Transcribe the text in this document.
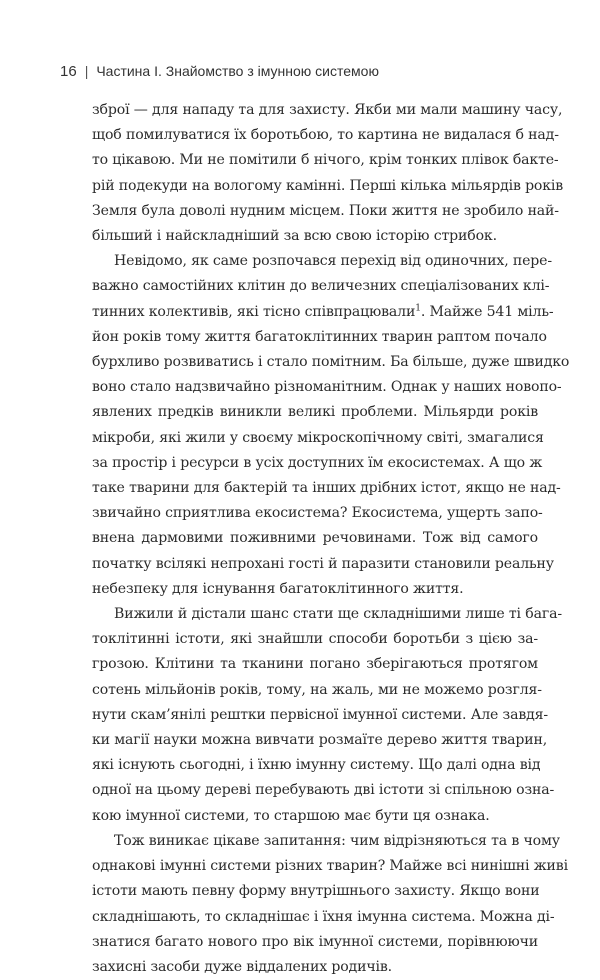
16 | Частина I. Знайомство з імунною системою

зброї — для нападу та для захисту. Якби ми мали машину часу,
щоб помилуватися їх боротьбою, то картина не видалася б над-
то цікавою. Ми не помітили б нічого, крім тонких плівок бакте-
рій подекуди на вологому камінні. Перші кілька мільярдів років
Земля була доволі нудним місцем. Поки життя не зробило най-
більший і найскладніший за всю свою історію стрибок.

Невідомо, як саме розпочався перехід від одиночних, пере-
важно самостійних клітин до величезних спеціалізованих клі-
тинних колективів, які тісно співпрацювали$^1$. Майже 541 міль-
йон років тому життя багатоклітинних тварин раптом почало
бурхливо розвиватись і стало помітним. Ба більше, дуже швидко
воно стало надзвичайно різноманітним. Однак у наших новопо-
явлених предків виникли великі проблеми. Мільярди років
мікроби, які жили у своєму мікроскопічному світі, змагалися
за простір і ресурси в усіх доступних їм екосистемах. А що ж
таке тварини для бактерій та інших дрібних істот, якщо не над-
звичайно сприятлива екосистема? Екосистема, ущерть запо-
внена дармовими поживними речовинами. Тож від самого
початку всілякі непрохані гості й паразити становили реальну
небезпеку для існування багатоклітинного життя.

Вижили й дістали шанс стати ще складнішими лише ті бага-
токлітинні істоти, які знайшли способи боротьби з цією за-
грозою. Клітини та тканини погано зберігаються протягом
сотень мільйонів років, тому, на жаль, ми не можемо розгля-
нути скам’янілі рештки первісної імунної системи. Але завдя-
ки магії науки можна вивчати розмаїте дерево життя тварин,
які існують сьогодні, і їхню імунну систему. Що далі одна від
одної на цьому дереві перебувають дві істоти зі спільною озна-
кою імунної системи, то старшою має бути ця ознака.

Тож виникає цікаве запитання: чим відрізняються та в чому
однакові імунні системи різних тварин? Майже всі нинішні живі
істоти мають певну форму внутрішнього захисту. Якщо вони
складнішають, то складнішає і їхня імунна система. Можна ді-
знатися багато нового про вік імунної системи, порівнюючи
захисні засоби дуже віддалених родичів.
